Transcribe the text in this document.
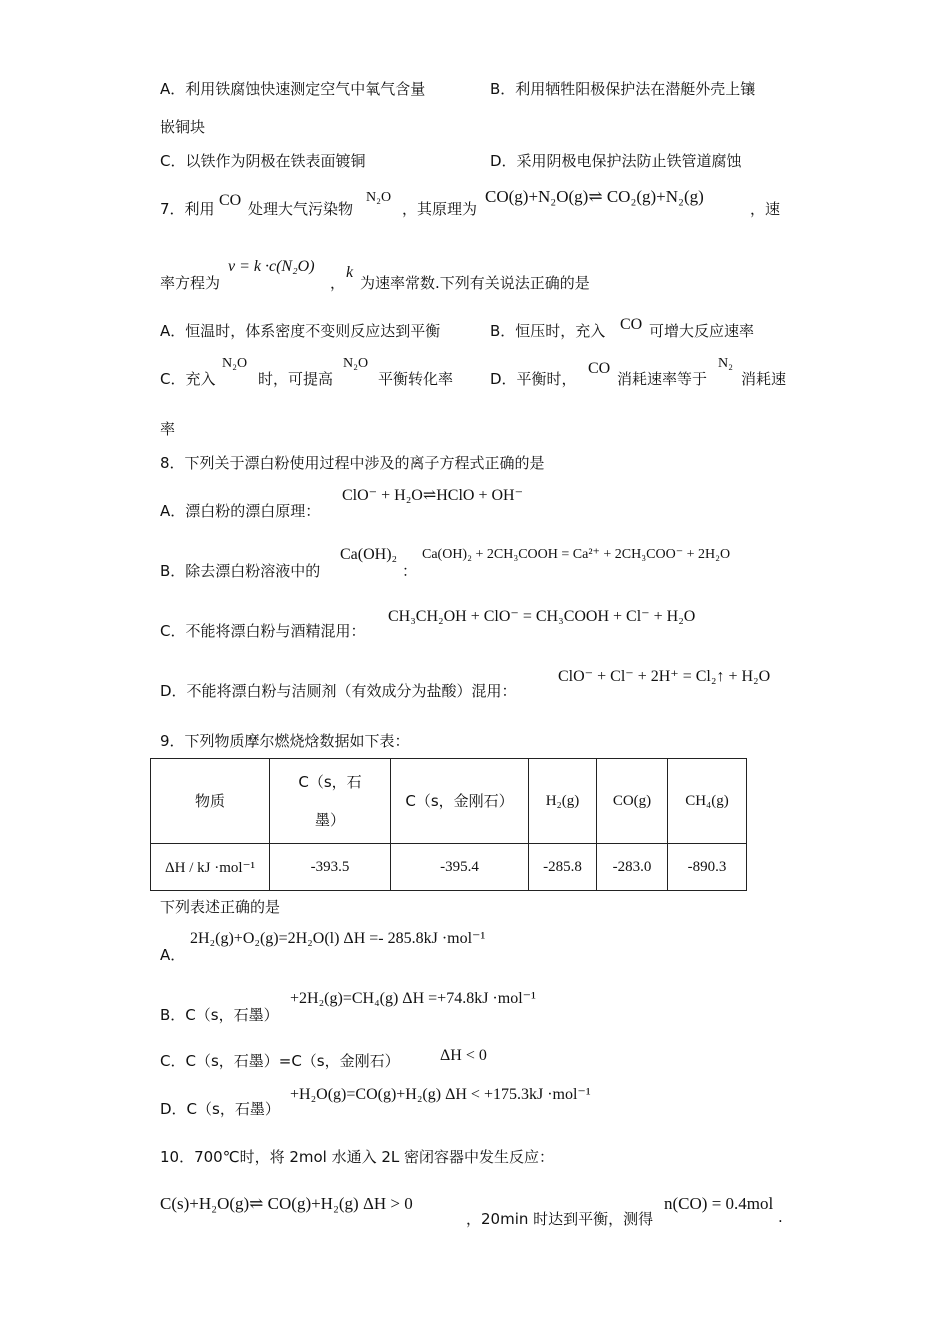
A．利用铁腐蚀快速测定空气中氧气含量	B．利用牺牲阳极保护法在潜艇外壳上镶
嵌铜块
C．以铁作为阴极在铁表面镀铜	D．采用阴极电保护法防止铁管道腐蚀
7．利用 CO 处理大气污染物
N₂O
，其原理为
CO(g)+N₂O(g)⇌ CO₂(g)+N₂(g)
，速
率方程为
v = k ·c(N₂O)
，
k
为速率常数.下列有关说法正确的是
A．恒温时，体系密度不变则反应达到平衡	B．恒压时，充入 CO 可增大反应速率
C．充入
N₂O
时，可提高
N₂O
平衡转化率 D．平衡时，
CO
消耗速率等于
N₂
消耗速
率
8．下列关于漂白粉使用过程中涉及的离子方程式正确的是
A．漂白粉的漂白原理：
ClO⁻ + H₂O⇌HClO + OH⁻
B．除去漂白粉溶液中的
Ca(OH)₂
：
Ca(OH)₂ + 2CH₃COOH = Ca²⁺ + 2CH₃COO⁻ + 2H₂O
C．不能将漂白粉与酒精混用：
CH₃CH₂OH + ClO⁻ = CH₃COOH + Cl⁻ + H₂O
D．不能将漂白粉与洁厕剂（有效成分为盐酸）混用：
ClO⁻ + Cl⁻ + 2H⁺ = Cl₂↑ + H₂O
9．下列物质摩尔燃烧焓数据如下表：
物质	C（s，石
墨）	C（s，金刚石）	H₂(g)	CO(g)	CH₄(g)
ΔH / kJ ·mol⁻¹	-393.5	-395.4	-285.8	-283.0	-890.3
下列表述正确的是
A．
2H₂(g)+O₂(g)=2H₂O(l) ΔH =- 285.8kJ ·mol⁻¹
B．C（s，石墨）
+2H₂(g)=CH₄(g) ΔH =+74.8kJ ·mol⁻¹
C．C（s，石墨）=C（s，金刚石）	ΔH < 0
D．C（s，石墨）
+H₂O(g)=CO(g)+H₂(g) ΔH < +175.3kJ ·mol⁻¹
10．700℃时，将 2mol 水通入 2L 密闭容器中发生反应：
C(s)+H₂O(g)⇌ CO(g)+H₂(g) ΔH > 0
，20min 时达到平衡，测得
n(CO) = 0.4mol
.
